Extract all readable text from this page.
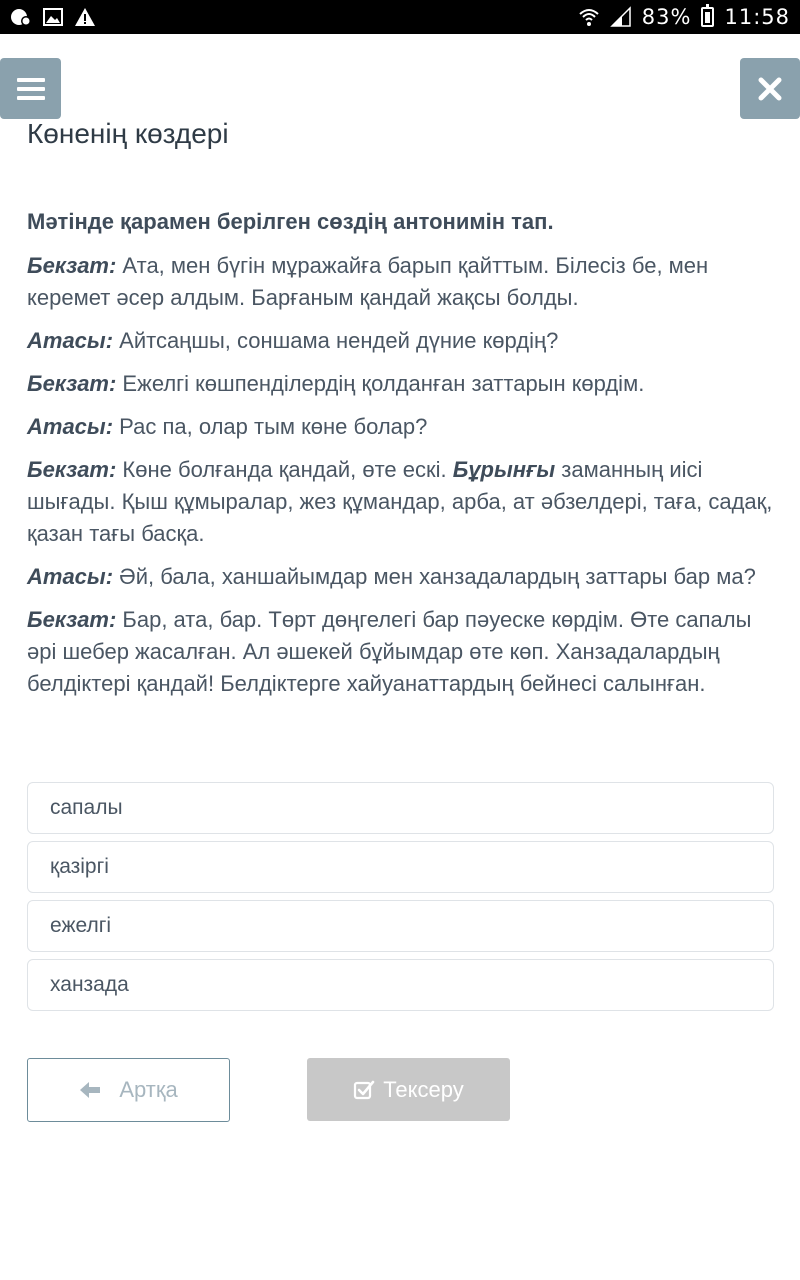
83% 11:58
Көненің көздері
Мәтінде қарамен берілген сөздің антонимін тап.
Бекзат: Ата, мен бүгін мұражайға барып қайттым. Білесіз бе, мен керемет әсер алдым. Барғаным қандай жақсы болды.
Атасы: Айтсаңшы, соншама нендей дүние көрдің?
Бекзат: Ежелгі көшпенділердің қолданған заттарын көрдім.
Атасы: Рас па, олар тым көне болар?
Бекзат: Көне болғанда қандай, өте ескі. Бұрынғы заманның иісі шығады. Қыш құмыралар, жез құмандар, арба, ат әбзелдері, таға, садақ, қазан тағы басқа.
Атасы: Әй, бала, ханшайымдар мен ханзадалардың заттары бар ма?
Бекзат: Бар, ата, бар. Төрт дөңгелегі бар пәуеске көрдім. Өте сапалы әрі шебер жасалған. Ал әшекей бұйымдар өте көп. Ханзадалардың белдіктері қандай! Белдіктерге хайуанаттардың бейнесі салынған.
сапалы
қазіргі
ежелгі
ханзада
Артқа	Тексеру
